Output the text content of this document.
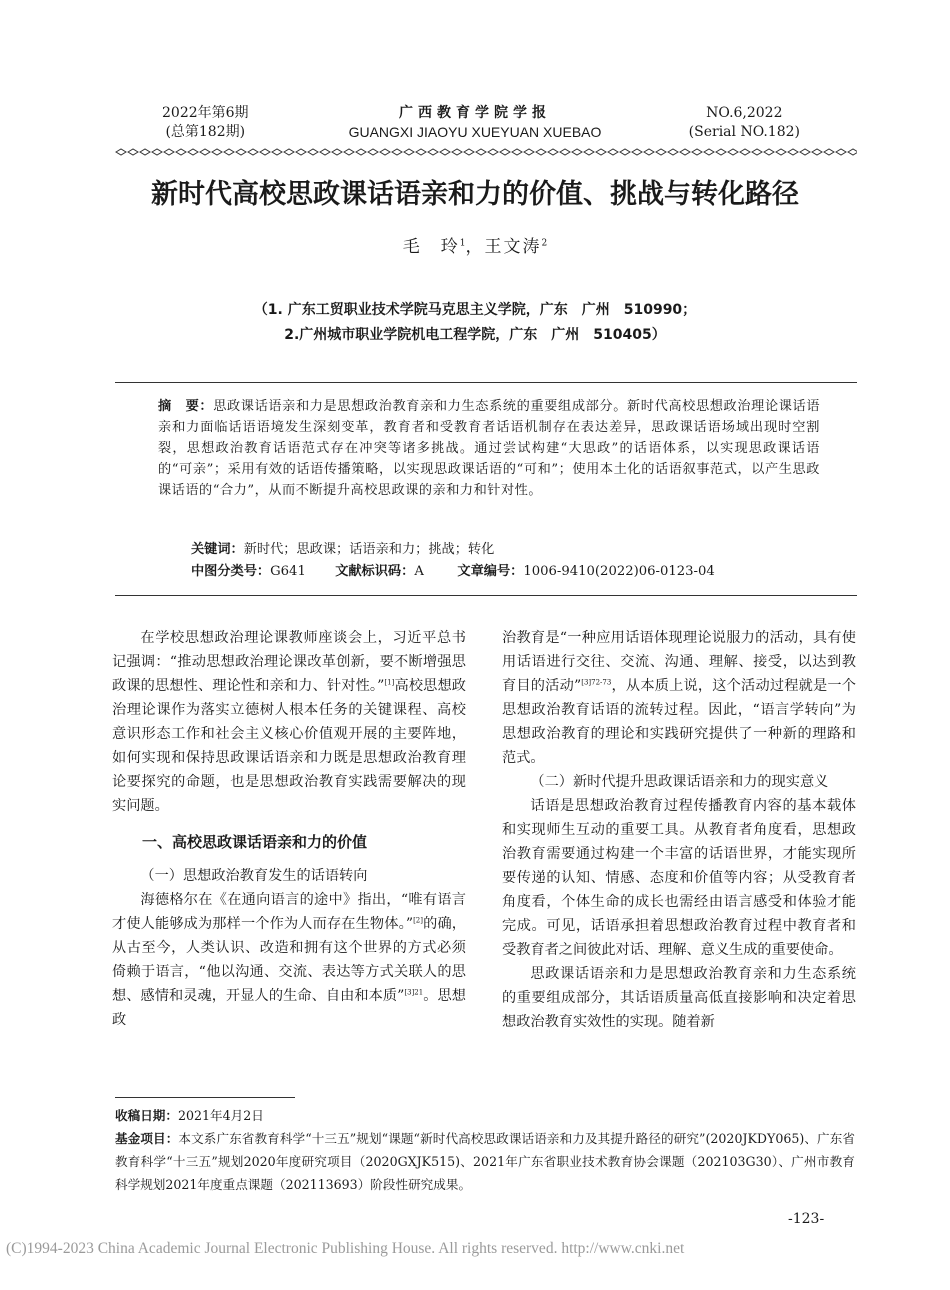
2022年第6期
(总第182期)
广西教育学院学报
GUANGXI JIAOYU XUEYUAN XUEBAO
NO.6,2022
(Serial NO.182)
新时代高校思政课话语亲和力的价值、挑战与转化路径
毛　玲$^1$，王文涛$^2$
（1. 广东工贸职业技术学院马克思主义学院，广东　广州　510990；
2.广州城市职业学院机电工程学院，广东　广州　510405）
摘　要：思政课话语亲和力是思想政治教育亲和力生态系统的重要组成部分。新时代高校思想政治理论课话语亲和力面临话语语境发生深刻变革，教育者和受教育者话语机制存在表达差异，思政课话语场域出现时空割裂，思想政治教育话语范式存在冲突等诸多挑战。通过尝试构建“大思政”的话语体系，以实现思政课话语的“可亲”；采用有效的话语传播策略，以实现思政课话语的“可和”；使用本土化的话语叙事范式，以产生思政课话语的“合力”，从而不断提升高校思政课的亲和力和针对性。
关键词：新时代；思政课；话语亲和力；挑战；转化
中图分类号：G641 文献标识码：A	文章编号：1006-9410(2022)06-0123-04

在学校思想政治理论课教师座谈会上，习近平总书记强调：“推动思想政治理论课改革创新，要不断增强思政课的思想性、理论性和亲和力、针对性。”[1]高校思想政治理论课作为落实立德树人根本任务的关键课程、高校意识形态工作和社会主义核心价值观开展的主要阵地，如何实现和保持思政课话语亲和力既是思想政治教育理论要探究的命题，也是思想政治教育实践需要解决的现实问题。

一、高校思政课话语亲和力的价值

（一）思想政治教育发生的话语转向

海德格尔在《在通向语言的途中》指出，“唯有语言才使人能够成为那样一个作为人而存在生物体。”[2]的确，从古至今，人类认识、改造和拥有这个世界的方式必须倚赖于语言，“他以沟通、交流、表达等方式关联人的思想、感情和灵魂，开显人的生命、自由和本质”$^{[3]21}$。思想政

治教育是“一种应用话语体现理论说服力的活动，具有使用话语进行交往、交流、沟通、理解、接受，以达到教育目的活动”$^{[3]72-73}$，从本质上说，这个活动过程就是一个思想政治教育话语的流转过程。因此，“语言学转向”为思想政治教育的理论和实践研究提供了一种新的理路和范式。

（二）新时代提升思政课话语亲和力的现实意义

话语是思想政治教育过程传播教育内容的基本载体和实现师生互动的重要工具。从教育者角度看，思想政治教育需要通过构建一个丰富的话语世界，才能实现所要传递的认知、情感、态度和价值等内容；从受教育者角度看，个体生命的成长也需经由语言感受和体验才能完成。可见，话语承担着思想政治教育过程中教育者和受教育者之间彼此对话、理解、意义生成的重要使命。

思政课话语亲和力是思想政治教育亲和力生态系统的重要组成部分，其话语质量高低直接影响和决定着思想政治教育实效性的实现。随着新

收稿日期：2021年4月2日
基金项目：本文系广东省教育科学“十三五”规划“课题“新时代高校思政课话语亲和力及其提升路径的研究”(2020JKDY065)、广东省教育科学“十三五”规划2020年度研究项目（2020GXJK515)、2021年广东省职业技术教育协会课题（202103G30）、广州市教育科学规划2021年度重点课题（202113693）阶段性研究成果。
-123-
(C)1994-2023 China Academic Journal Electronic Publishing House. All rights reserved. http://www.cnki.net
